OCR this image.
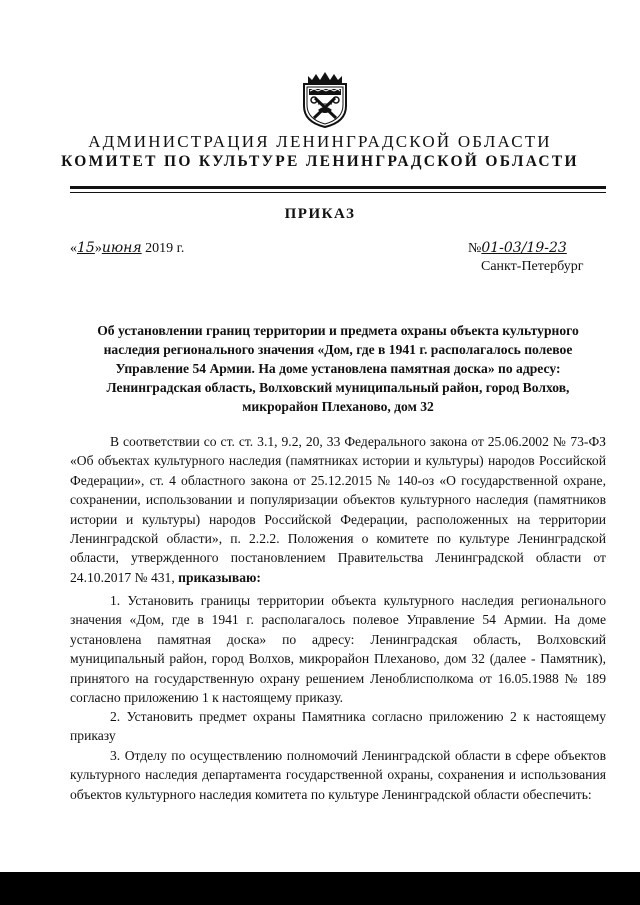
АДМИНИСТРАЦИЯ ЛЕНИНГРАДСКОЙ ОБЛАСТИ
КОМИТЕТ ПО КУЛЬТУРЕ ЛЕНИНГРАДСКОЙ ОБЛАСТИ
ПРИКАЗ
«15»июня 2019 г.	№01-03/19-23
Санкт-Петербург
Об установлении границ территории и предмета охраны объекта культурного
наследия регионального значения «Дом, где в 1941 г. располагалось полевое
Управление 54 Армии. На доме установлена памятная доска» по адресу:
Ленинградская область, Волховский муниципальный район, город Волхов,
микрорайон Плеханово, дом 32
В соответствии со ст. ст. 3.1, 9.2, 20, 33 Федерального закона от 25.06.2002 № 73-ФЗ «Об объектах культурного наследия (памятниках истории и культуры) народов Российской Федерации», ст. 4 областного закона от 25.12.2015 № 140-оз «О государственной охране, сохранении, использовании и популяризации объектов культурного наследия (памятников истории и культуры) народов Российской Федерации, расположенных на территории Ленинградской области», п. 2.2.2. Положения о комитете по культуре Ленинградской области, утвержденного постановлением Правительства Ленинградской области от 24.10.2017 № 431, приказываю:
1. Установить границы территории объекта культурного наследия регионального значения «Дом, где в 1941 г. располагалось полевое Управление 54 Армии. На доме установлена памятная доска» по адресу: Ленинградская область, Волховский муниципальный район, город Волхов, микрорайон Плеханово, дом 32 (далее - Памятник), принятого на государственную охрану решением Леноблисполкома от 16.05.1988 № 189 согласно приложению 1 к настоящему приказу.
2. Установить предмет охраны Памятника согласно приложению 2 к настоящему приказу
3. Отделу по осуществлению полномочий Ленинградской области в сфере объектов культурного наследия департамента государственной охраны, сохранения и использования объектов культурного наследия комитета по культуре Ленинградской области обеспечить:
